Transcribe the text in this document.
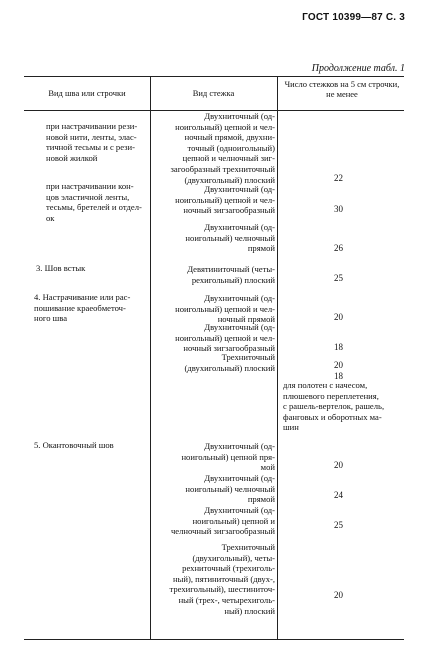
ГОСТ 10399—87 С. 3
Продолжение табл. 1
Вид шва или строчки	Вид стежка
Число стежков на 5 см строчки, не менее
при настрачивании рези-
новой нити, ленты, элас-
тичной тесьмы и с рези-
новой жилкой
при настрачивании кон-
цов эластичной ленты,
тесьмы, бретелей и отдел-
ок
3. Шов встык
4. Настрачивание или рас-
пошивание краеобметоч-
ного шва
5. Окантовочный шов
Двухниточный (од-
ноигольный) цепной и чел-
ночный прямой, двухни-
точный (одноигольный)
цепной и челночный зиг-
загообразный трехниточный
(двухигольный) плоский
Двухниточный (од-
ноигольный) цепной и чел-
ночный зигзагообразный
Двухниточный (од-
ноигольный) челночный
прямой
Девятиниточный (четы-
рехигольный) плоский
Двухниточный (од-
ноигольный) цепной и чел-
ночный прямой
Двухниточный (од-
ноигольный) цепной и чел-
ночный зигзагообразный
Трехниточный
(двухигольный) плоский
Двухниточный (од-
ноигольный) цепной пря-
мой
Двухниточный (од-
ноигольный) челночный
прямой
Двухниточный (од-
ноигольный) цепной и
челночный зигзагообразный
Трехниточный
(двухигольный), четы-
рехниточный (трехиголь-
ный), пятиниточный (двух-,
трехигольный), шестиниточ-
ный (трех-, четырехиголь-
ный) плоский
22
30
26
25
20
18
20
18
для полотен с начесом,
плюшевого переплетения,
с рашель-вертелок, рашель,
фанговых и оборотных ма-
шин
20
24
25
20
